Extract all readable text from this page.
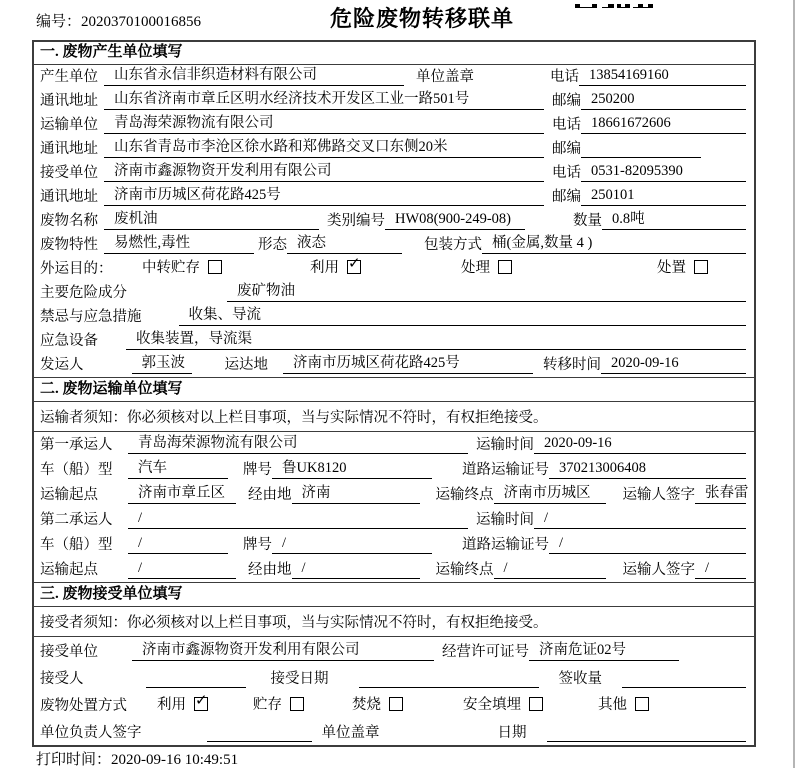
编号：2020370100016856	危险废物转移联单
一. 废物产生单位填写
产生单位	山东省永信非织造材料有限公司	单位盖章	电话 13854169160
通讯地址	山东省济南市章丘区明水经济技术开发区工业一路501号	邮编 250200
运输单位	青岛海荣源物流有限公司	电话 18661672606
通讯地址	山东省青岛市李沧区徐水路和郑佛路交叉口东侧20米	邮编
接受单位	济南市鑫源物资开发利用有限公司	电话 0531-82095390
通讯地址	济南市历城区荷花路425号	邮编 250101
废物名称	废机油	类别编号 HW08(900-249-08)	数量 0.8吨
废物特性	易燃性,毒性	形态 液态	包装方式 桶(金属,数量 4 )
外运目的：	中转贮存	利用 ✓	处理	处置
主要危险成分	废矿物油
禁忌与应急措施	收集、导流
应急设备	收集装置，导流渠
发运人	郭玉波	运达地	济南市历城区荷花路425号	转移时间 2020-09-16
二. 废物运输单位填写
运输者须知：你必须核对以上栏目事项，当与实际情况不符时，有权拒绝接受。
第一承运人	青岛海荣源物流有限公司	运输时间 2020-09-16
车（船）型	汽车	牌号 鲁UK8120	道路运输证号 370213006408
运输起点	济南市章丘区	经由地 济南	运输终点 济南市历城区	运输人签字 张春雷
第二承运人	/	运输时间 /
车（船）型	/	牌号 /	道路运输证号 /
运输起点	/	经由地 /	运输终点 /	运输人签字 /
三. 废物接受单位填写
接受者须知：你必须核对以上栏目事项，当与实际情况不符时，有权拒绝接受。
接受单位	济南市鑫源物资开发利用有限公司	经营许可证号 济南危证02号
接受人	接受日期	签收量
废物处置方式	利用 ✓	贮存	焚烧	安全填埋	其他
单位负责人签字	单位盖章	日期
打印时间：2020-09-16 10:49:51
